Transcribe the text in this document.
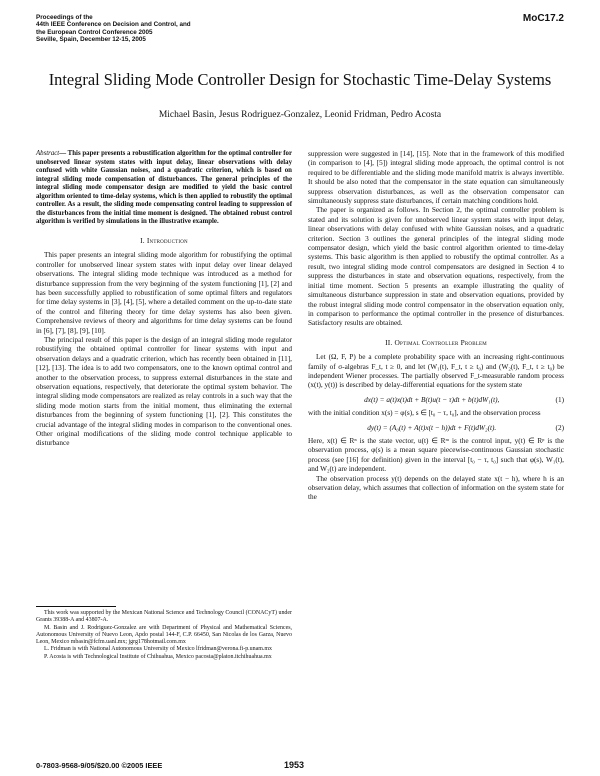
Proceedings of the
44th IEEE Conference on Decision and Control, and
the European Control Conference 2005
Seville, Spain, December 12-15, 2005
MoC17.2
Integral Sliding Mode Controller Design for Stochastic Time-Delay Systems
Michael Basin, Jesus Rodriguez-Gonzalez, Leonid Fridman, Pedro Acosta

Abstract— This paper presents a robustification algorithm for the optimal controller for unobserved linear system states with input delay, linear observations with delay confused with white Gaussian noises, and a quadratic criterion, which is based on integral sliding mode compensation of disturbances. The general principles of the integral sliding mode compensator design are modified to yield the basic control algorithm oriented to time-delay systems, which is then applied to robustify the optimal controller. As a result, the sliding mode compensating control leading to suppression of the disturbances from the initial time moment is designed. The obtained robust control algorithm is verified by simulations in the illustrative example.

I. Introduction

This paper presents an integral sliding mode algorithm for robustifying the optimal controller for unobserved linear system states with input delay over linear delayed observations. The integral sliding mode technique was introduced as a method for disturbance suppression from the very beginning of the system functioning [1], [2] and has been successfully applied to robustification of some optimal filters and regulators for time delay systems in [3], [4], [5], where a detailed comment on the up-to-date state of the control and filtering theory for time delay systems has also been given. Comprehensive reviews of theory and algorithms for time delay systems can be found in [6], [7], [8], [9], [10].

The principal result of this paper is the design of an integral sliding mode regulator robustifying the obtained optimal controller for linear systems with input and observation delays and a quadratic criterion, which has recently been obtained in [11], [12], [13]. The idea is to add two compensators, one to the known optimal control and another to the observation process, to suppress external disturbances in the state and observation equations, respectively, that deteriorate the optimal system behavior. The integral sliding mode compensators are realized as relay controls in a such way that the sliding mode motion starts from the initial moment, thus eliminating the external disturbances from the beginning of system functioning [1], [2]. This constitutes the crucial advantage of the integral sliding modes in comparison to the conventional ones. Other original modifications of the sliding mode control technique applicable to disturbance

This work was supported by the Mexican National Science and Technology Council (CONACyT) under Grants 39388-A and 43807-A.

M. Basin and J. Rodriguez-Gonzalez are with Department of Physical and Mathematical Sciences, Autonomous University of Nuevo Leon, Apdo postal 144-F, C.P. 66450, San Nicolas de los Garza, Nuevo Leon, Mexico mbasin@fcfm.uanl.mx; jgrg178hotmail.com.mx

L. Fridman is with National Autonomous University of Mexico lfridman@verona.fi-p.unam.mx

P. Acosta is with Technological Institute of Chihuahua, Mexico pacosta@platon.itchihuahua.mx

suppression were suggested in [14], [15]. Note that in the framework of this modified (in comparison to [4], [5]) integral sliding mode approach, the optimal control is not required to be differentiable and the sliding mode manifold matrix is always invertible. It should be also noted that the compensator in the state equation can simultaneously suppress observation disturbances, as well as the observation compensator can simultaneously suppress state disturbances, if certain matching conditions hold.

The paper is organized as follows. In Section 2, the optimal controller problem is stated and its solution is given for unobserved linear system states with input delay, linear observations with delay confused with white Gaussian noises, and a quadratic criterion. Section 3 outlines the general principles of the integral sliding mode compensator design, which yield the basic control algorithm oriented to time-delay systems. This basic algorithm is then applied to robustify the optimal controller. As a result, two integral sliding mode control compensators are designed in Section 4 to suppress the disturbances in state and observation equations, respectively, from the initial time moment. Section 5 presents an example illustrating the quality of simultaneous disturbance suppression in state and observation equations, provided by the robust integral sliding mode control compensator in the observation equation only, in comparison to performance the optimal controller in the presence of disturbances. Satisfactory results are obtained.

II. Optimal Controller Problem

Let (Ω, F, P) be a complete probability space with an increasing right-continuous family of σ-algebras F_t, t ≥ 0, and let (W₁(t), F_t, t ≥ t₀) and (W₂(t), F_t, t ≥ t₀) be independent Wiener processes. The partially observed F_t-measurable random process (x(t), y(t)) is described by delay-differential equations for the system state

dx(t) = a(t)x(t)dt + B(t)u(t − τ)dt + b(t)dW₁(t),	(1)

with the initial condition x(s) = φ(s), s ∈ [t₀ − τ, t₀], and the observation process

dy(t) = (A₀(t) + A(t)x(t − h))dt + F(t)dW₂(t).	(2)

Here, x(t) ∈ Rⁿ is the state vector, u(t) ∈ Rᵐ is the control input, y(t) ∈ Rᵖ is the observation process, φ(s) is a mean square piecewise-continuous Gaussian stochastic process (see [16] for definition) given in the interval [t₀ − τ, t₀] such that φ(s), W₁(t), and W₂(t) are independent.

The observation process y(t) depends on the delayed state x(t − h), where h is an observation delay, which assumes that collection of information on the system state for the

0-7803-9568-9/05/$20.00 ©2005 IEEE	1953
